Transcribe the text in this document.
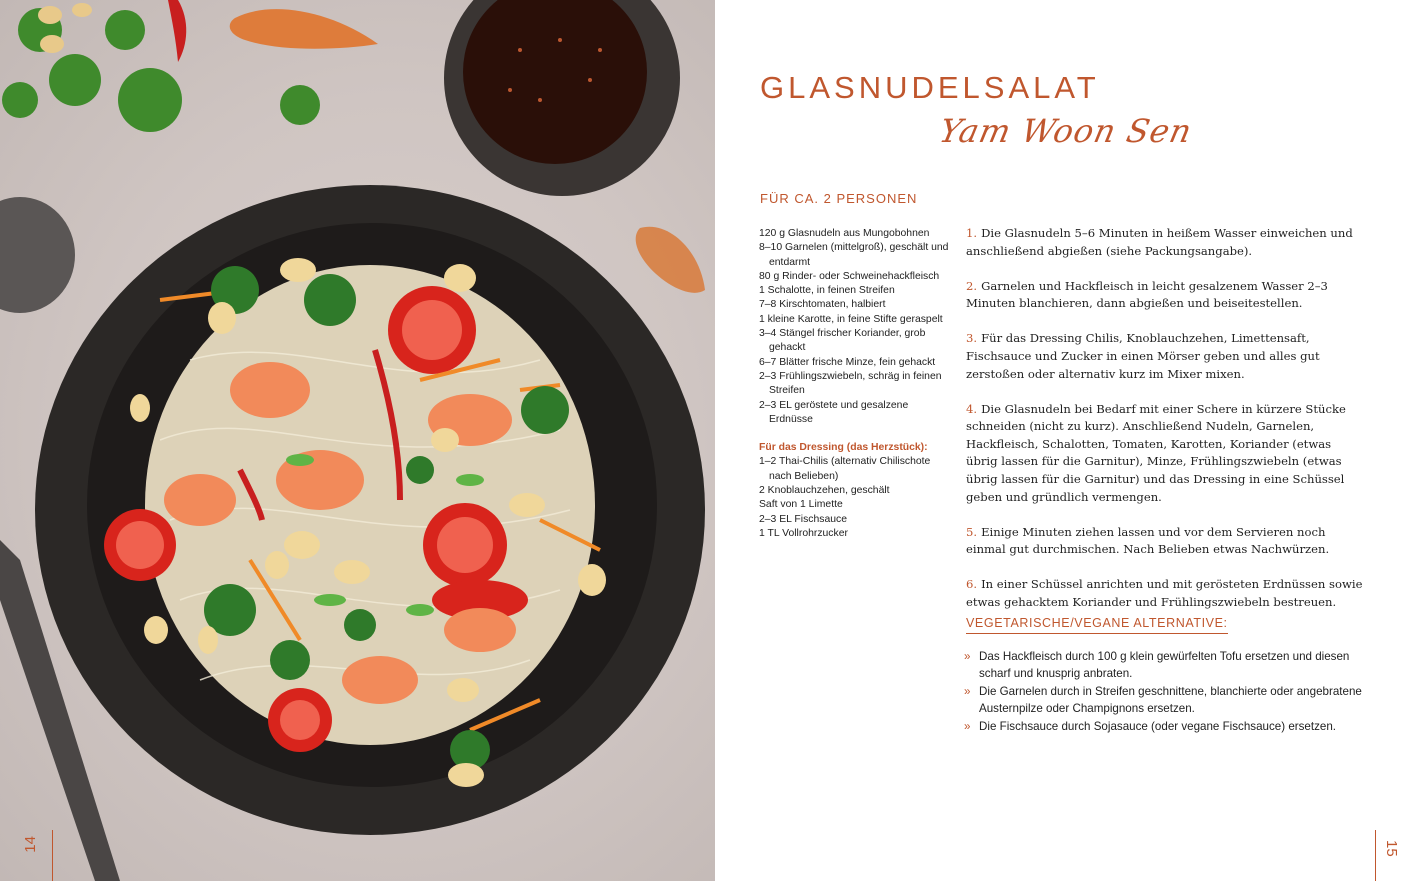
14
GLASNUDELSALAT
Yam Woon Sen
FÜR CA. 2 PERSONEN
120 g Glasnudeln aus Mungobohnen
8–10 Garnelen (mittelgroß), geschält und entdarmt
80 g Rinder- oder Schweinehackfleisch
1 Schalotte, in feinen Streifen
7–8 Kirschtomaten, halbiert
1 kleine Karotte, in feine Stifte geraspelt
3–4 Stängel frischer Koriander, grob gehackt
6–7 Blätter frische Minze, fein gehackt
2–3 Frühlingszwiebeln, schräg in feinen Streifen
2–3 EL geröstete und gesalzene Erdnüsse
Für das Dressing (das Herzstück):
1–2 Thai-Chilis (alternativ Chilischote nach Belieben)
2 Knoblauchzehen, geschält
Saft von 1 Limette
2–3 EL Fischsauce
1 TL Vollrohrzucker
1. Die Glasnudeln 5–6 Minuten in heißem Wasser einweichen und anschließend abgießen (siehe Packungsangabe).
2. Garnelen und Hackfleisch in leicht gesalzenem Wasser 2–3 Minuten blanchieren, dann abgießen und beiseitestellen.
3. Für das Dressing Chilis, Knoblauchzehen, Limettensaft, Fischsauce und Zucker in einen Mörser geben und alles gut zerstoßen oder alternativ kurz im Mixer mixen.
4. Die Glasnudeln bei Bedarf mit einer Schere in kürzere Stücke schneiden (nicht zu kurz). Anschließend Nudeln, Garnelen, Hackfleisch, Schalotten, Tomaten, Karotten, Koriander (etwas übrig lassen für die Garnitur), Minze, Frühlingszwiebeln (etwas übrig lassen für die Garnitur) und das Dressing in eine Schüssel geben und gründlich vermengen.
5. Einige Minuten ziehen lassen und vor dem Servieren noch einmal gut durchmischen. Nach Belieben etwas Nachwürzen.
6. In einer Schüssel anrichten und mit gerösteten Erdnüssen sowie etwas gehacktem Koriander und Frühlingszwiebeln bestreuen.
VEGETARISCHE/VEGANE ALTERNATIVE:
» Das Hackfleisch durch 100 g klein gewürfelten Tofu ersetzen und diesen scharf und knusprig anbraten.
» Die Garnelen durch in Streifen geschnittene, blanchierte oder angebratene Austernpilze oder Champignons ersetzen.
» Die Fischsauce durch Sojasauce (oder vegane Fischsauce) ersetzen.
15
